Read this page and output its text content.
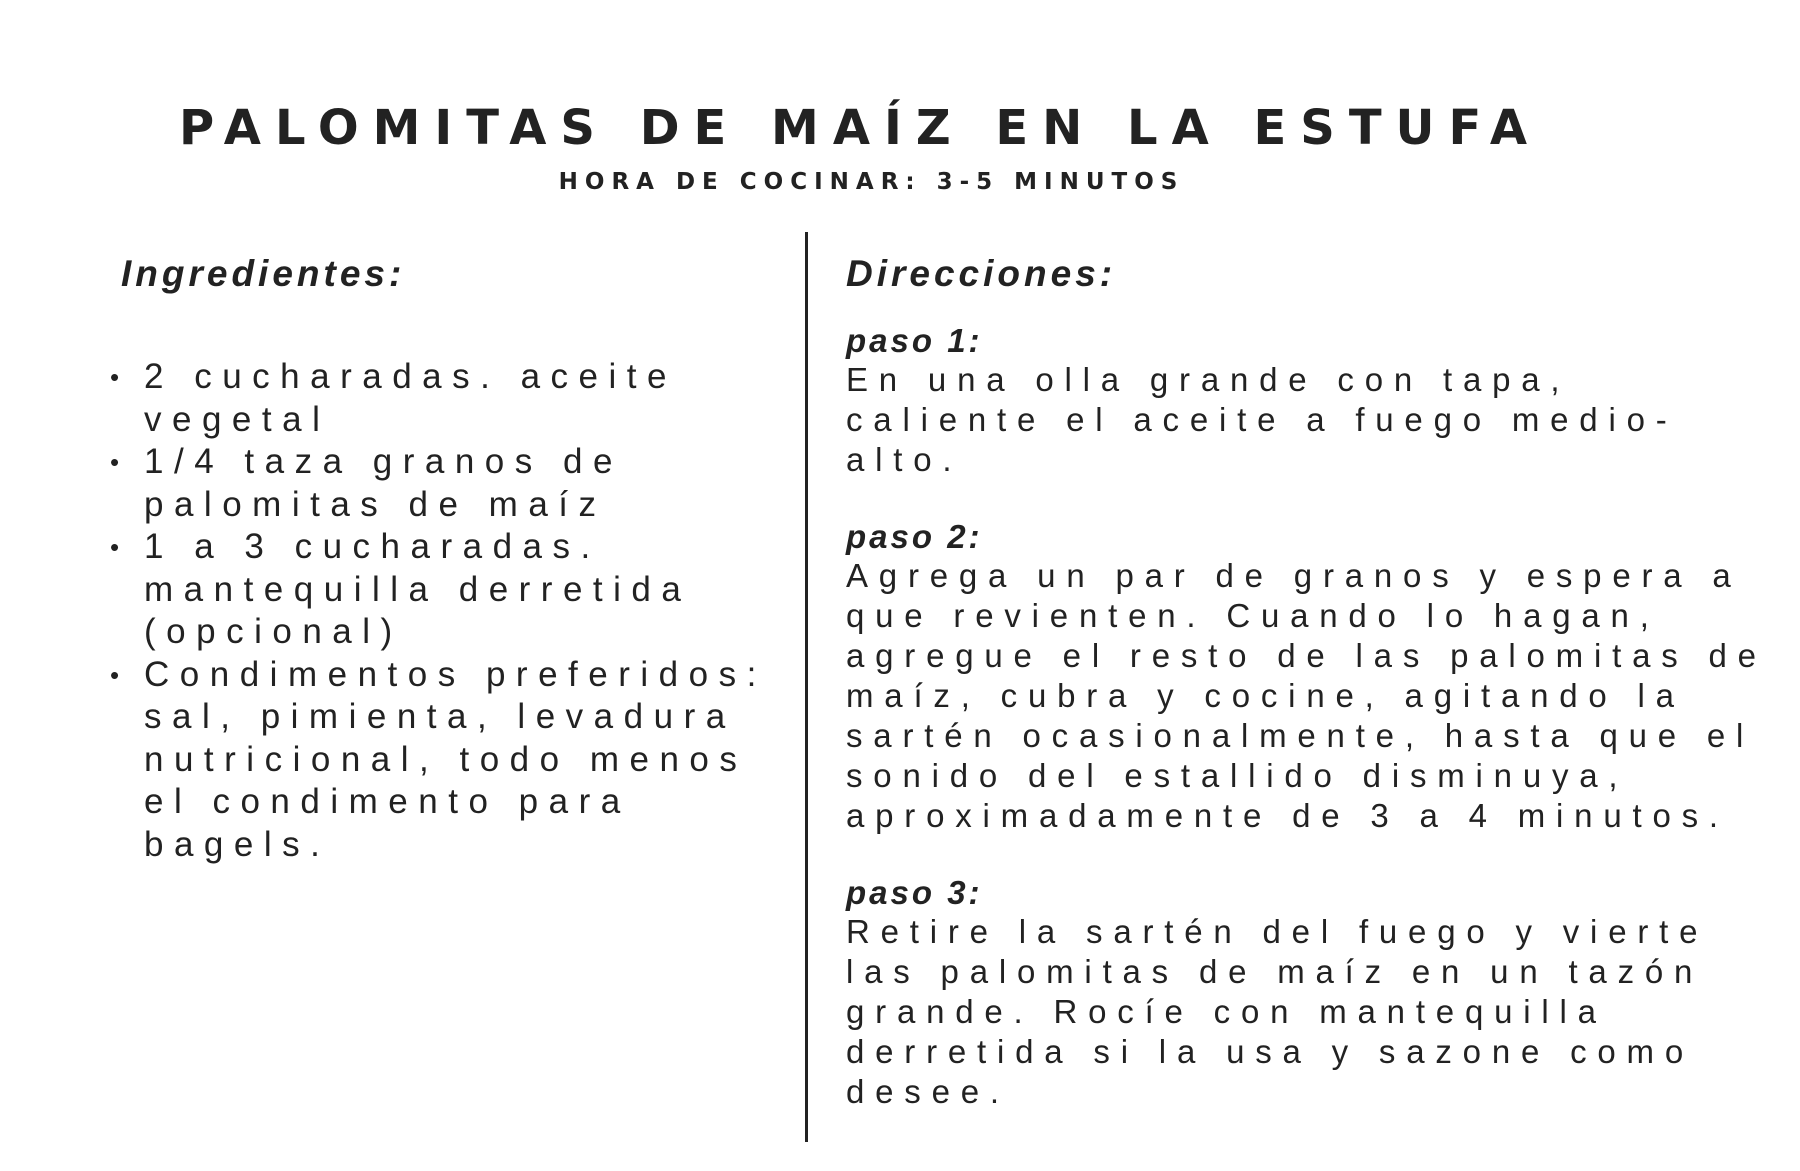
PALOMITAS DE MAÍZ EN LA ESTUFA
HORA DE COCINAR: 3-5 MINUTOS
Ingredientes:
• 2 cucharadas. aceite
vegetal
• 1/4 taza granos de
palomitas de maíz
• 1 a 3 cucharadas.
mantequilla derretida
(opcional)
• Condimentos preferidos:
sal, pimienta, levadura
nutricional, todo menos
el condimento para
bagels.
Direcciones:
paso 1:
En una olla grande con tapa,
caliente el aceite a fuego medio-
alto.
paso 2:
Agrega un par de granos y espera a
que revienten. Cuando lo hagan,
agregue el resto de las palomitas de
maíz, cubra y cocine, agitando la
sartén ocasionalmente, hasta que el
sonido del estallido disminuya,
aproximadamente de 3 a 4 minutos.
paso 3:
Retire la sartén del fuego y vierte
las palomitas de maíz en un tazón
grande. Rocíe con mantequilla
derretida si la usa y sazone como
desee.
